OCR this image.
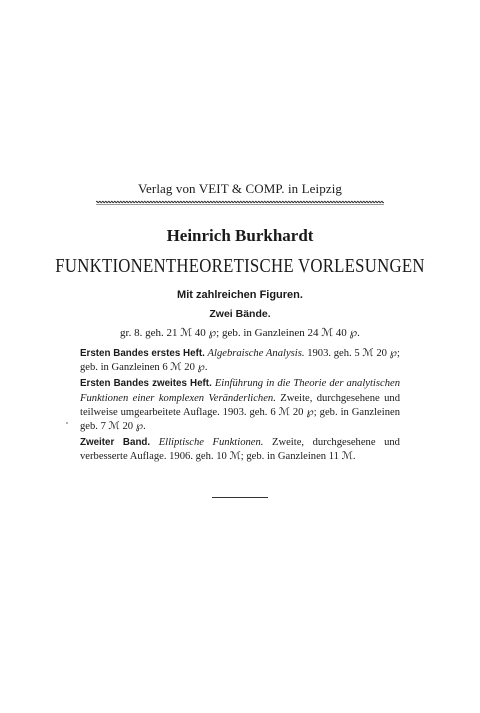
Verlag von VEIT & COMP. in Leipzig
Heinrich Burkhardt
FUNKTIONENTHEORETISCHE VORLESUNGEN
Mit zahlreichen Figuren.
Zwei Bände.
gr. 8. geh. 21 ℳ 40 ℘; geb. in Ganzleinen 24 ℳ 40 ℘.

Ersten Bandes erstes Heft. Algebraische Analysis. 1903. geh. 5 ℳ 20 ℘; geb. in Ganzleinen 6 ℳ 20 ℘.

Ersten Bandes zweites Heft. Einführung in die Theorie der analytischen Funktionen einer komplexen Veränderlichen. Zweite, durchgesehene und teilweise umgearbeitete Auflage. 1903. geh. 6 ℳ 20 ℘; geb. in Ganzleinen geb. 7 ℳ 20 ℘.

Zweiter Band. Elliptische Funktionen. Zweite, durchgesehene und verbesserte Auflage. 1906. geh. 10 ℳ; geb. in Ganzleinen 11 ℳ.
